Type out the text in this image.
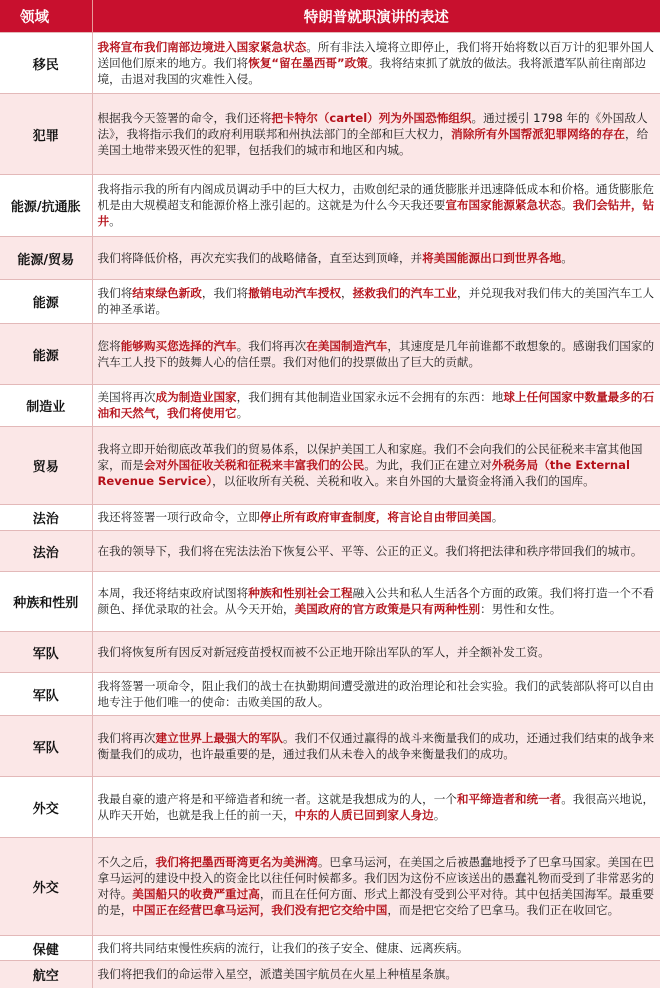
领域	特朗普就职演讲的表述
移民	我将宣布我们南部边境进入国家紧急状态。所有非法入境将立即停止，我们将开始将数以百万计的犯罪外国人送回他们原来的地方。我们将恢复“留在墨西哥”政策。我将结束抓了就放的做法。我将派遣军队前往南部边境，击退对我国的灾难性入侵。
犯罪	根据我今天签署的命令，我们还将把卡特尔（cartel）列为外国恐怖组织。通过援引 1798 年的《外国敌人法》，我将指示我们的政府利用联邦和州执法部门的全部和巨大权力，消除所有外国帮派犯罪网络的存在，给美国土地带来毁灭性的犯罪，包括我们的城市和地区和内城。
能源/抗通胀	我将指示我的所有内阁成员调动手中的巨大权力，击败创纪录的通货膨胀并迅速降低成本和价格。通货膨胀危机是由大规模超支和能源价格上涨引起的。这就是为什么今天我还要宣布国家能源紧急状态。我们会钻井，钻井。
能源/贸易	我们将降低价格，再次充实我们的战略储备，直至达到顶峰，并将美国能源出口到世界各地。
能源	我们将结束绿色新政，我们将撤销电动汽车授权，拯救我们的汽车工业，并兑现我对我们伟大的美国汽车工人的神圣承诺。
能源	您将能够购买您选择的汽车。我们将再次在美国制造汽车，其速度是几年前谁都不敢想象的。感谢我们国家的汽车工人投下的鼓舞人心的信任票。我们对他们的投票做出了巨大的贡献。
制造业	美国将再次成为制造业国家，我们拥有其他制造业国家永远不会拥有的东西：地球上任何国家中数量最多的石油和天然气，我们将使用它。
贸易	我将立即开始彻底改革我们的贸易体系，以保护美国工人和家庭。我们不会向我们的公民征税来丰富其他国家，而是会对外国征收关税和征税来丰富我们的公民。为此，我们正在建立对外税务局（the External Revenue Service），以征收所有关税、关税和收入。来自外国的大量资金将涌入我们的国库。
法治	我还将签署一项行政命令，立即停止所有政府审查制度，将言论自由带回美国。
法治	在我的领导下，我们将在宪法法治下恢复公平、平等、公正的正义。我们将把法律和秩序带回我们的城市。
种族和性别	本周，我还将结束政府试图将种族和性别社会工程融入公共和私人生活各个方面的政策。我们将打造一个不看颜色、择优录取的社会。从今天开始，美国政府的官方政策是只有两种性别：男性和女性。
军队	我们将恢复所有因反对新冠疫苗授权而被不公正地开除出军队的军人，并全额补发工资。
军队	我将签署一项命令，阻止我们的战士在执勤期间遭受激进的政治理论和社会实验。我们的武装部队将可以自由地专注于他们唯一的使命：击败美国的敌人。
军队	我们将再次建立世界上最强大的军队。我们不仅通过赢得的战斗来衡量我们的成功，还通过我们结束的战争来衡量我们的成功，也许最重要的是，通过我们从未卷入的战争来衡量我们的成功。
外交	我最自豪的遗产将是和平缔造者和统一者。这就是我想成为的人，一个和平缔造者和统一者。我很高兴地说，从昨天开始，也就是我上任的前一天，中东的人质已回到家人身边。
外交	不久之后，我们将把墨西哥湾更名为美洲湾。巴拿马运河，在美国之后被愚蠢地授予了巴拿马国家。美国在巴拿马运河的建设中投入的资金比以往任何时候都多。我们因为这份不应该送出的愚蠢礼物而受到了非常恶劣的对待。美国船只的收费严重过高，而且在任何方面、形式上都没有受到公平对待。其中包括美国海军。最重要的是，中国正在经营巴拿马运河，我们没有把它交给中国，而是把它交给了巴拿马。我们正在收回它。
保健	我们将共同结束慢性疾病的流行，让我们的孩子安全、健康、远离疾病。
航空	我们将把我们的命运带入星空，派遣美国宇航员在火星上种植星条旗。
